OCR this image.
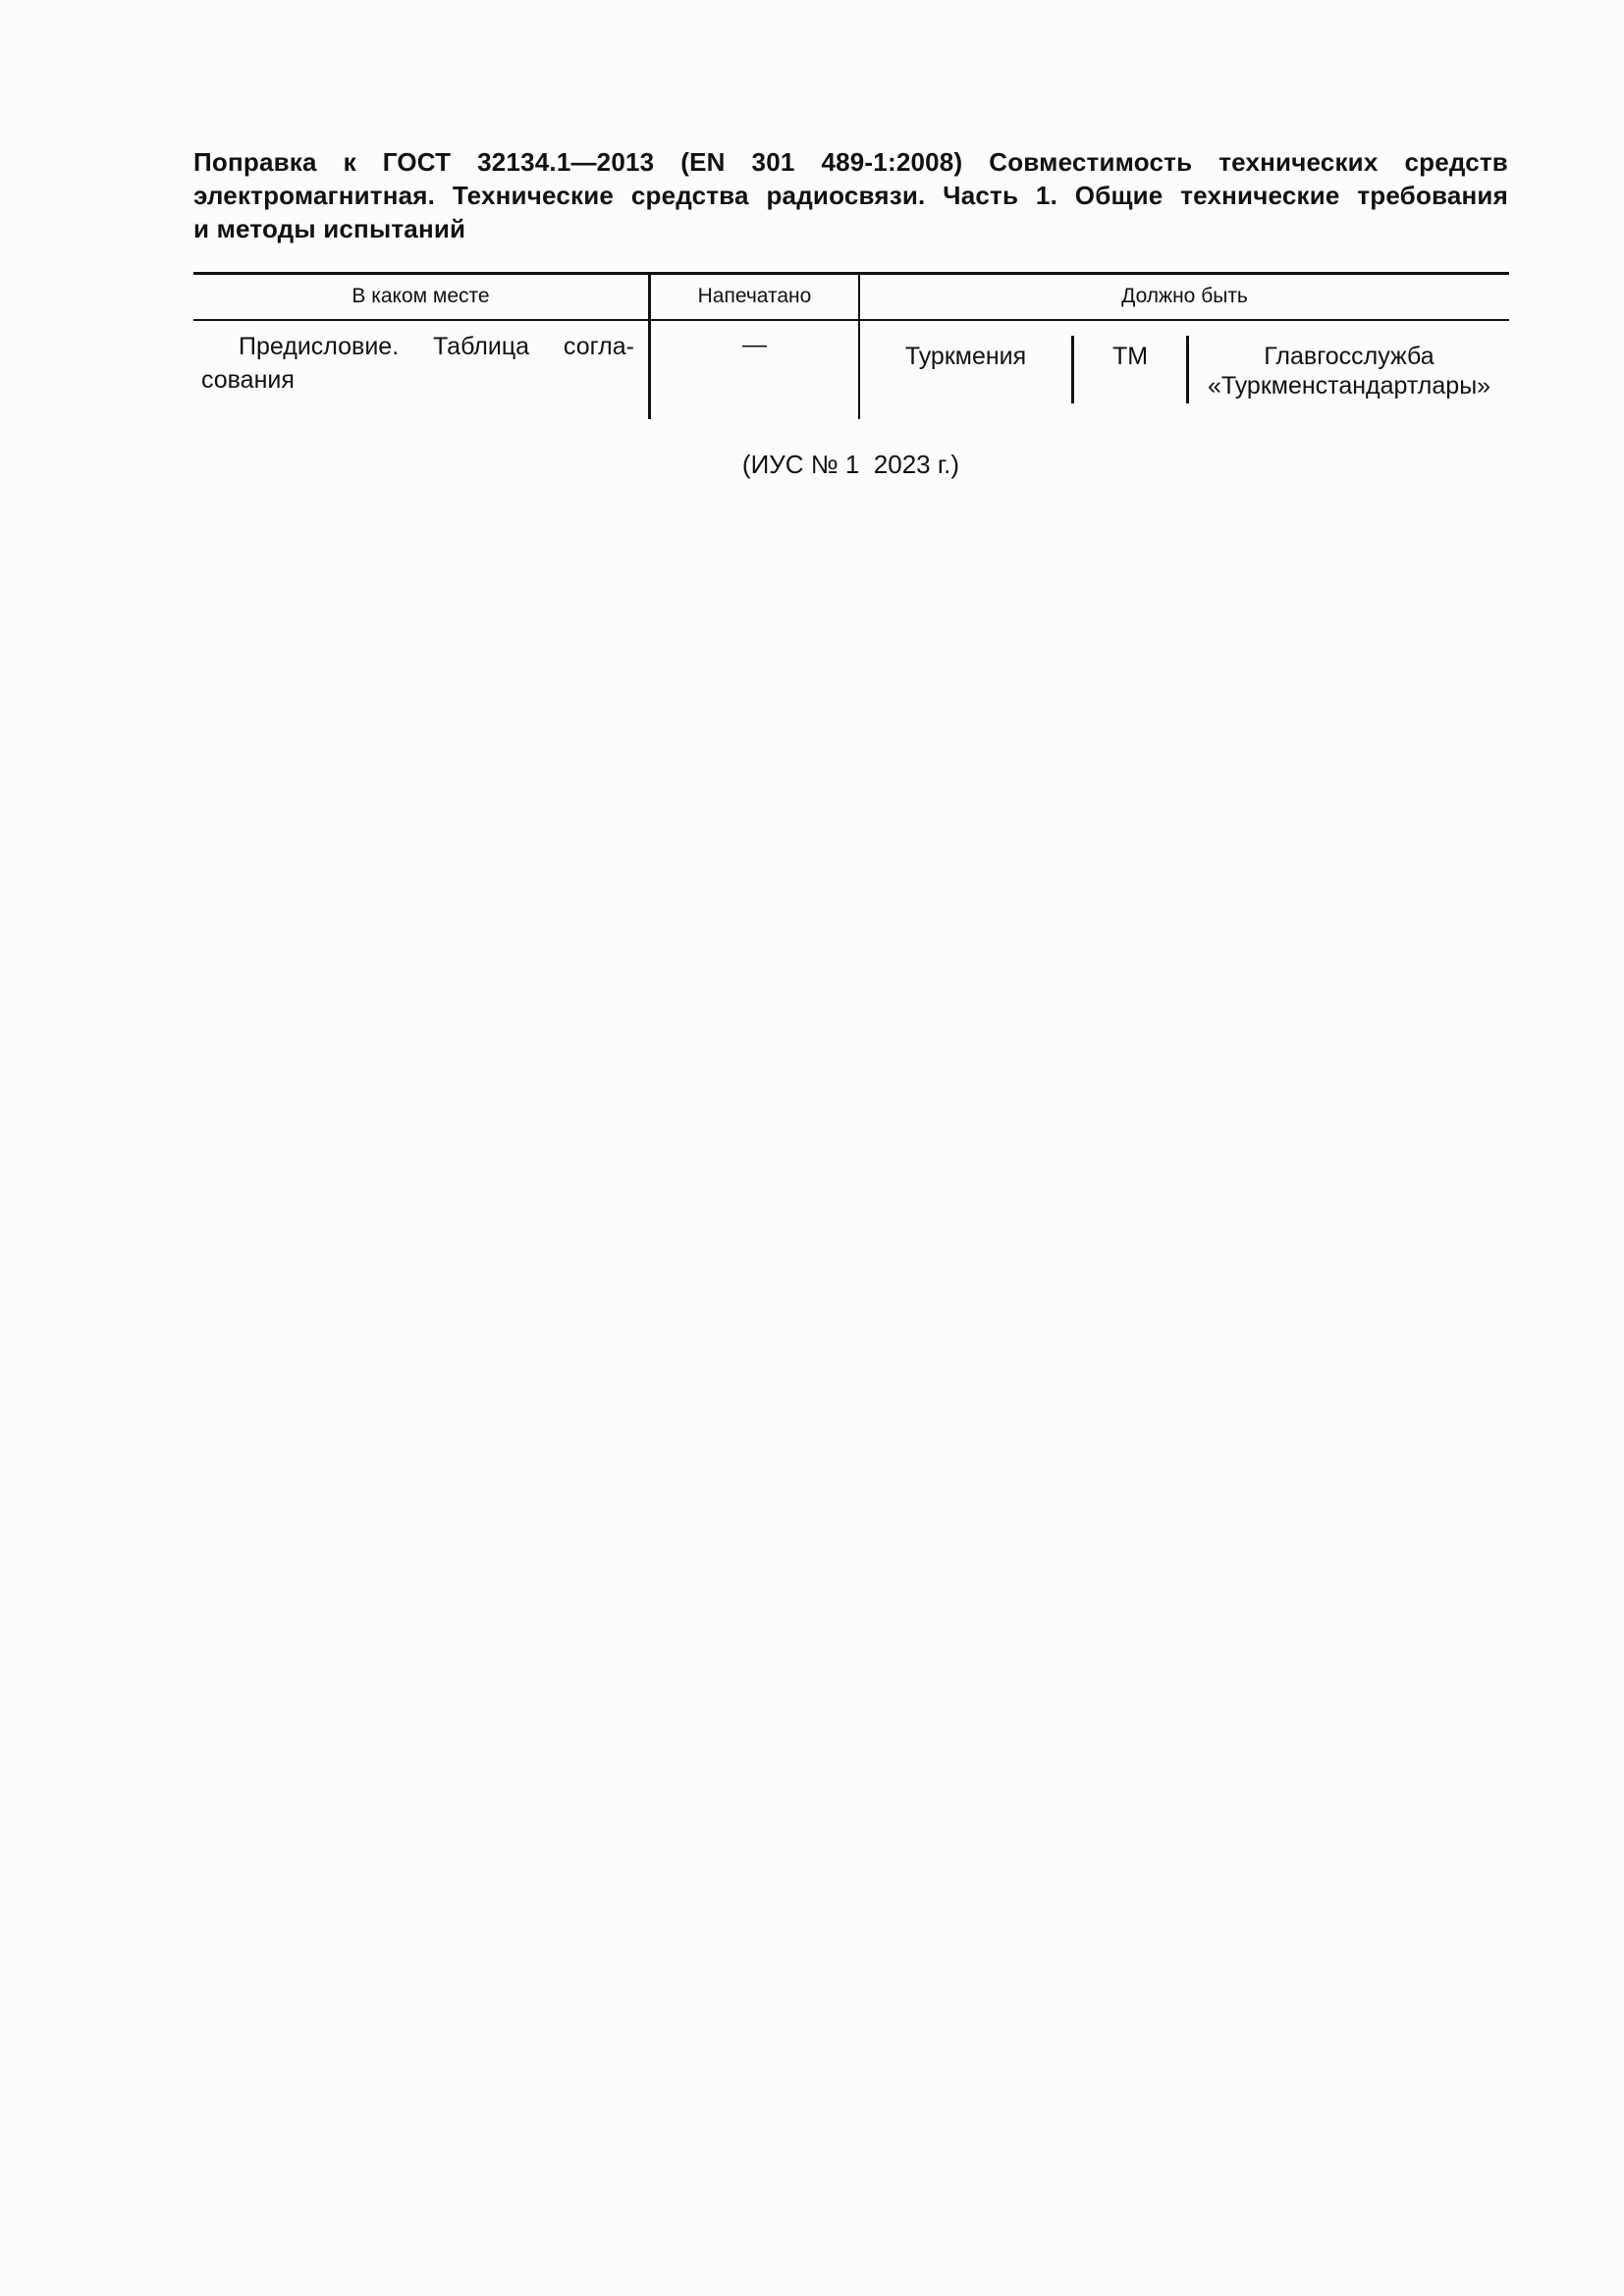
Поправка к ГОСТ 32134.1—2013 (EN 301 489-1:2008) Совместимость технических средств
электромагнитная. Технические средства радиосвязи. Часть 1. Общие технические требования
и методы испытаний
В каком месте	Напечатано	Должно быть
Предисловие. Таблица согла-
сования
—	Туркмения	TM	Главгосслужба
«Туркменстандартлары»
(ИУС № 1  2023 г.)
